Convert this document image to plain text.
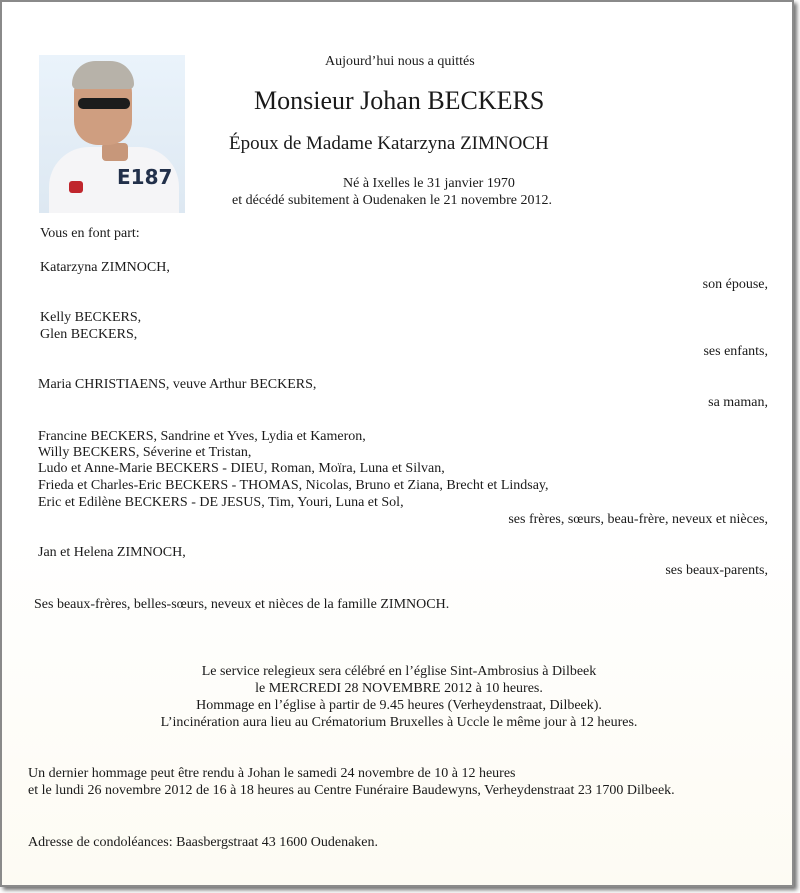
E187
Aujourd’hui nous a quittés
Monsieur Johan BECKERS
Époux de Madame Katarzyna ZIMNOCH
Né à Ixelles le 31 janvier 1970
et décédé subitement à Oudenaken le 21 novembre 2012.
Vous en font part:
Katarzyna ZIMNOCH,
son épouse,
Kelly BECKERS,
Glen BECKERS,
ses enfants,
Maria CHRISTIAENS, veuve Arthur BECKERS,
sa maman,
Francine BECKERS, Sandrine et Yves, Lydia et Kameron,
Willy BECKERS, Séverine et Tristan,
Ludo et Anne-Marie BECKERS - DIEU, Roman, Moïra, Luna et Silvan,
Frieda et Charles-Eric BECKERS - THOMAS, Nicolas, Bruno et Ziana, Brecht et Lindsay,
Eric et Edilène BECKERS - DE JESUS, Tim, Youri, Luna et Sol,
ses frères, sœurs, beau-frère, neveux et nièces,
Jan et Helena ZIMNOCH,
ses beaux-parents,
Ses beaux-frères, belles-sœurs, neveux et nièces de la famille ZIMNOCH.
Le service relegieux sera célébré en l’église Sint-Ambrosius à Dilbeek
le MERCREDI 28 NOVEMBRE 2012 à 10 heures.
Hommage en l’église à partir de 9.45 heures (Verheydenstraat, Dilbeek).
L’incinération aura lieu au Crématorium Bruxelles à Uccle le même jour à 12 heures.
Un dernier hommage peut être rendu à Johan le samedi 24 novembre de 10 à 12 heures
et le lundi 26 novembre 2012 de 16 à 18 heures au Centre Funéraire Baudewyns, Verheydenstraat 23 1700 Dilbeek.
Adresse de condoléances: Baasbergstraat 43 1600 Oudenaken.
